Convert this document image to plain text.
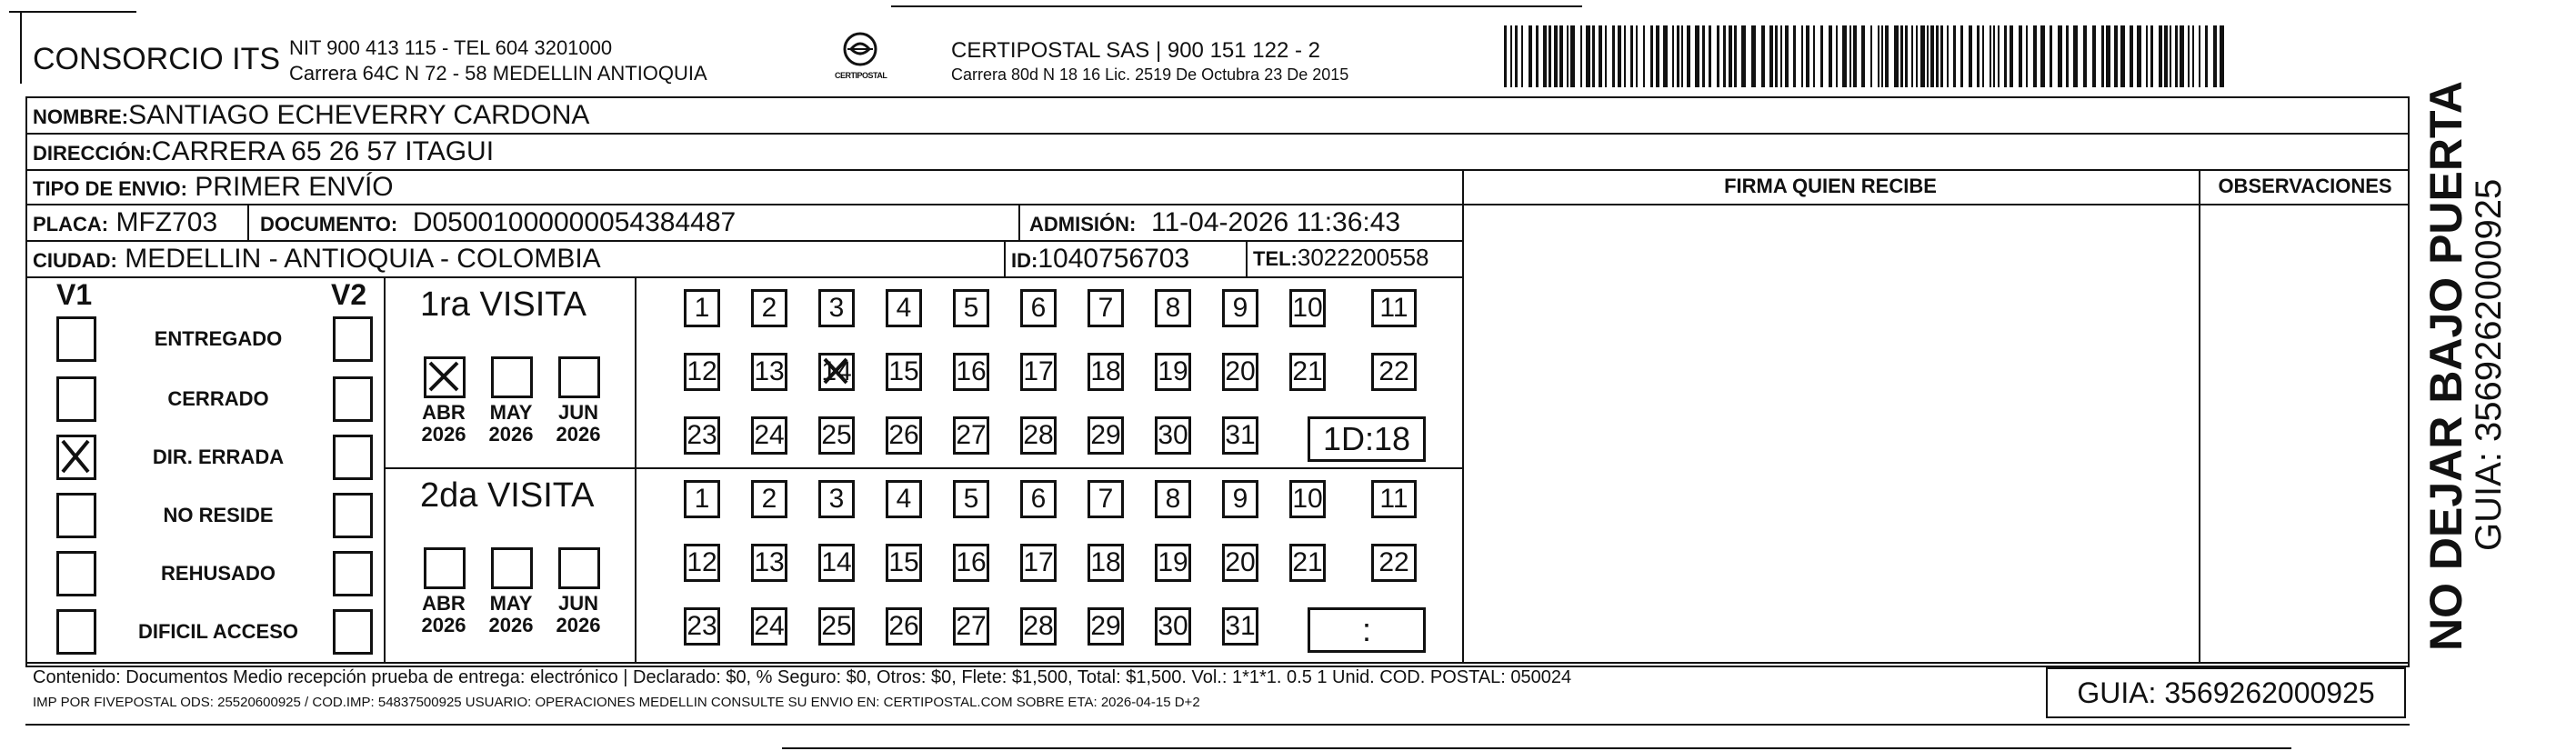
CONSORCIO ITS NIT 900 413 115 - TEL 604 3201000
Carrera 64C N 72 - 58 MEDELLIN ANTIOQUIA	CERTIPOSTAL
CERTIPOSTAL SAS | 900 151 122 - 2
Carrera 80d N 18 16 Lic. 2519 De Octubra 23 De 2015
NOMBRE:SANTIAGO ECHEVERRY CARDONA
DIRECCIÓN:CARRERA 65 26 57 ITAGUI
TIPO DE ENVIO: PRIMER ENVÍO
PLACA: MFZ703 DOCUMENTO: D05001000000054384487	ADMISIÓN: 11-04-2026 11:36:43
CIUDAD: MEDELLIN - ANTIOQUIA - COLOMBIA	ID:1040756703	TEL:3022200558
FIRMA QUIEN RECIBE	OBSERVACIONES
V1	V2
Contenido: Documentos Medio recepción prueba de entrega: electrónico | Declarado: $0, % Seguro: $0, Otros: $0, Flete: $1,500, Total: $1,500. Vol.: 1*1*1. 0.5 1 Unid. COD. POSTAL: 050024
IMP POR FIVEPOSTAL ODS: 25520600925 / COD.IMP: 54837500925 USUARIO: OPERACIONES MEDELLIN CONSULTE SU ENVIO EN: CERTIPOSTAL.COM SOBRE ETA: 2026-04-15 D+2	GUIA: 3569262000925
NO DEJAR BAJO PUERTA
GUIA: 3569262000925
ENTREGADO
CERRADO
DIR. ERRADA
NO RESIDE
REHUSADO
DIFICIL ACCESO
1ra VISITA
ABR
2026
MAY
2026
JUN
2026
1 2 3 4 5 6 7 8 9 10 11
12 13 14 15 16 17 18 19 20 21 22
23 24 25 26 27 28 29 30 31 1D:18
2da VISITA
ABR
2026
MAY
2026
JUN
2026
1 2 3 4 5 6 7 8 9 10 11
12 13 14 15 16 17 18 19 20 21 22
23 24 25 26 27 28 29 30 31	:
